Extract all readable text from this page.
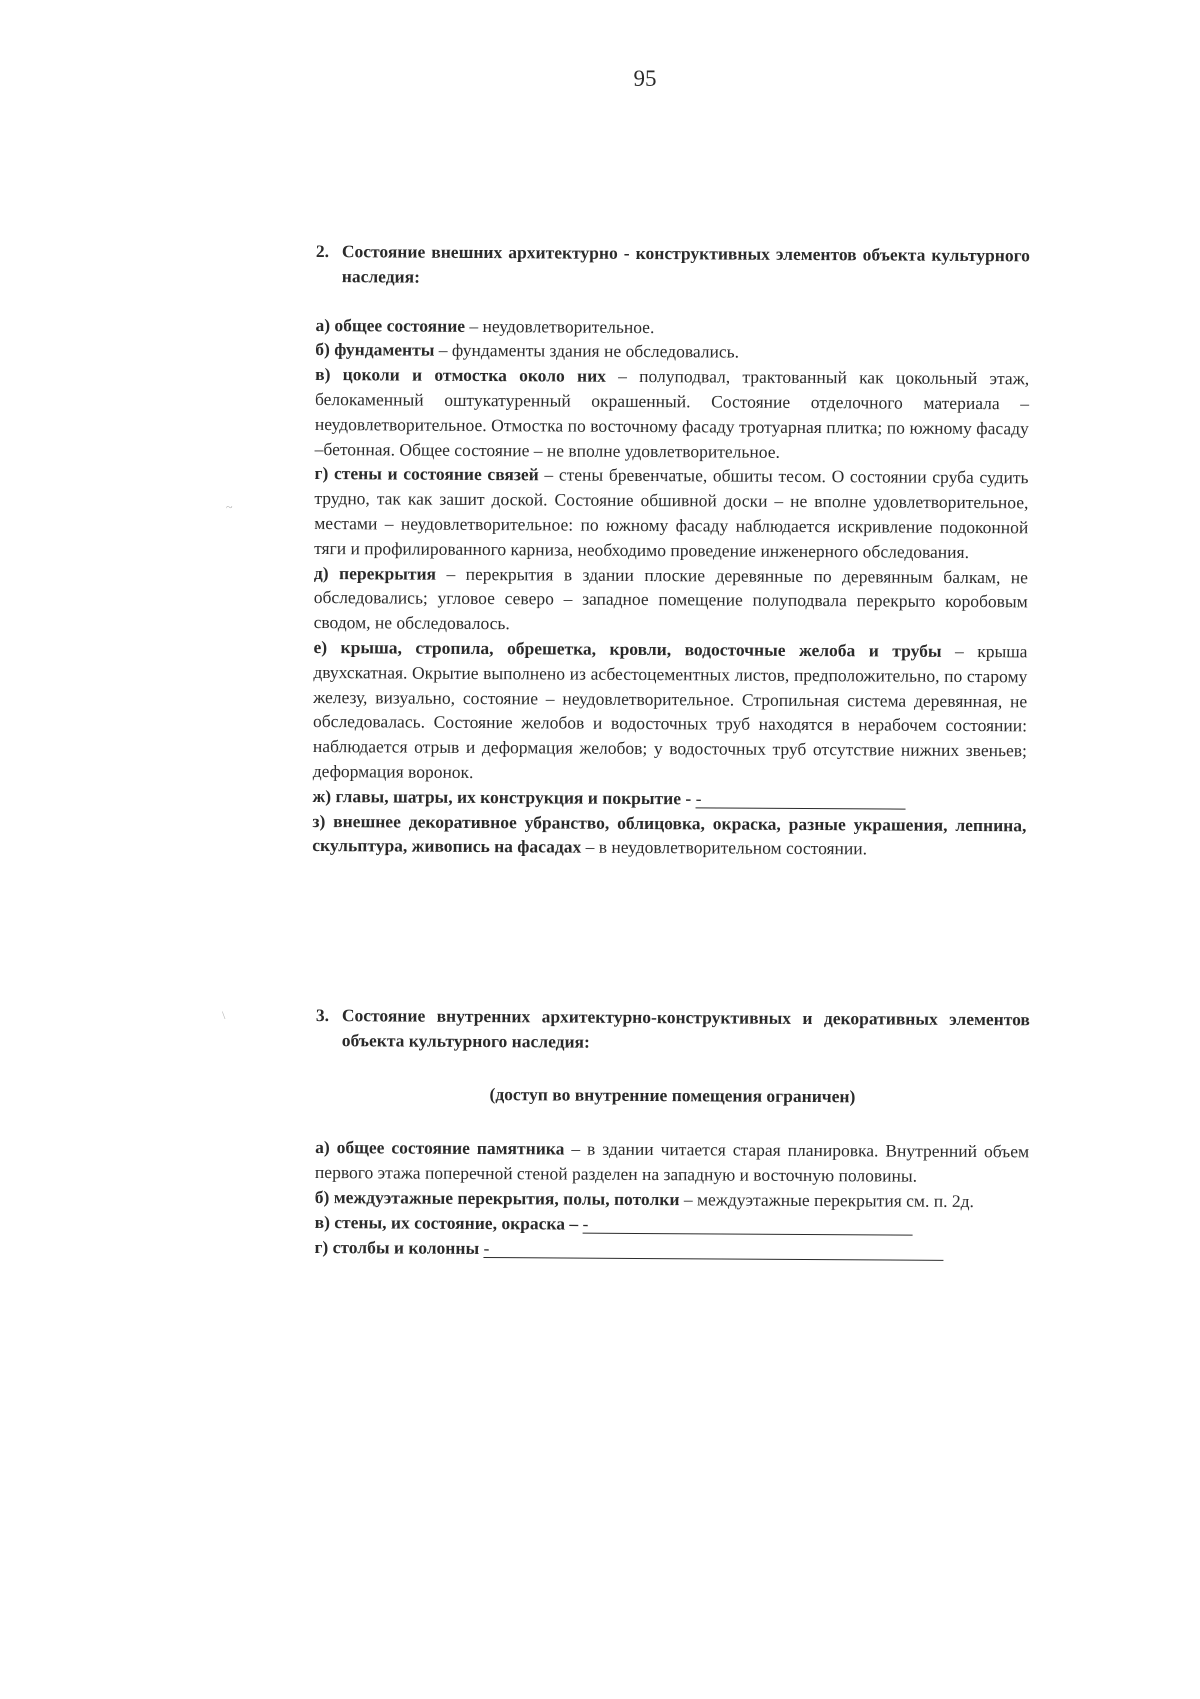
95
~
\
2. Состояние внешних архитектурно - конструктивных элементов объекта культурного наследия:

а) общее состояние – неудовлетворительное.

б) фундаменты – фундаменты здания не обследовались.

в) цоколи и отмостка около них – полуподвал, трактованный как цокольный этаж, белокаменный оштукатуренный окрашенный. Состояние отделочного материала – неудовлетворительное. Отмостка по восточному фасаду тротуарная плитка; по южному фасаду –бетонная. Общее состояние – не вполне удовлетворительное.

г) стены и состояние связей – стены бревенчатые, обшиты тесом. О состоянии сруба судить трудно, так как зашит доской. Состояние обшивной доски – не вполне удовлетворительное, местами – неудовлетворительное: по южному фасаду наблюдается искривление подоконной тяги и профилированного карниза, необходимо проведение инженерного обследования.

д) перекрытия – перекрытия в здании плоские деревянные по деревянным балкам, не обследовались; угловое северо – западное помещение полуподвала перекрыто коробовым сводом, не обследовалось.

е) крыша, стропила, обрешетка, кровли, водосточные желоба и трубы – крыша двухскатная. Окрытие выполнено из асбестоцементных листов, предположительно, по старому железу, визуально, состояние – неудовлетворительное. Стропильная система деревянная, не обследовалась. Состояние желобов и водосточных труб находятся в нерабочем состоянии: наблюдается отрыв и деформация желобов; у водосточных труб отсутствие нижних звеньев; деформация воронок.

ж) главы, шатры, их конструкция и покрытие - -

з) внешнее декоративное убранство, облицовка, окраска, разные украшения, лепнина, скульптура, живопись на фасадах – в неудовлетворительном состоянии.

3. Состояние внутренних архитектурно-конструктивных и декоративных элементов объекта культурного наследия:

(доступ во внутренние помещения ограничен)

а) общее состояние памятника – в здании читается старая планировка. Внутренний объем первого этажа поперечной стеной разделен на западную и восточную половины.

б) междуэтажные перекрытия, полы, потолки – междуэтажные перекрытия см. п. 2д.

в) стены, их состояние, окраска – -

г) столбы и колонны -
